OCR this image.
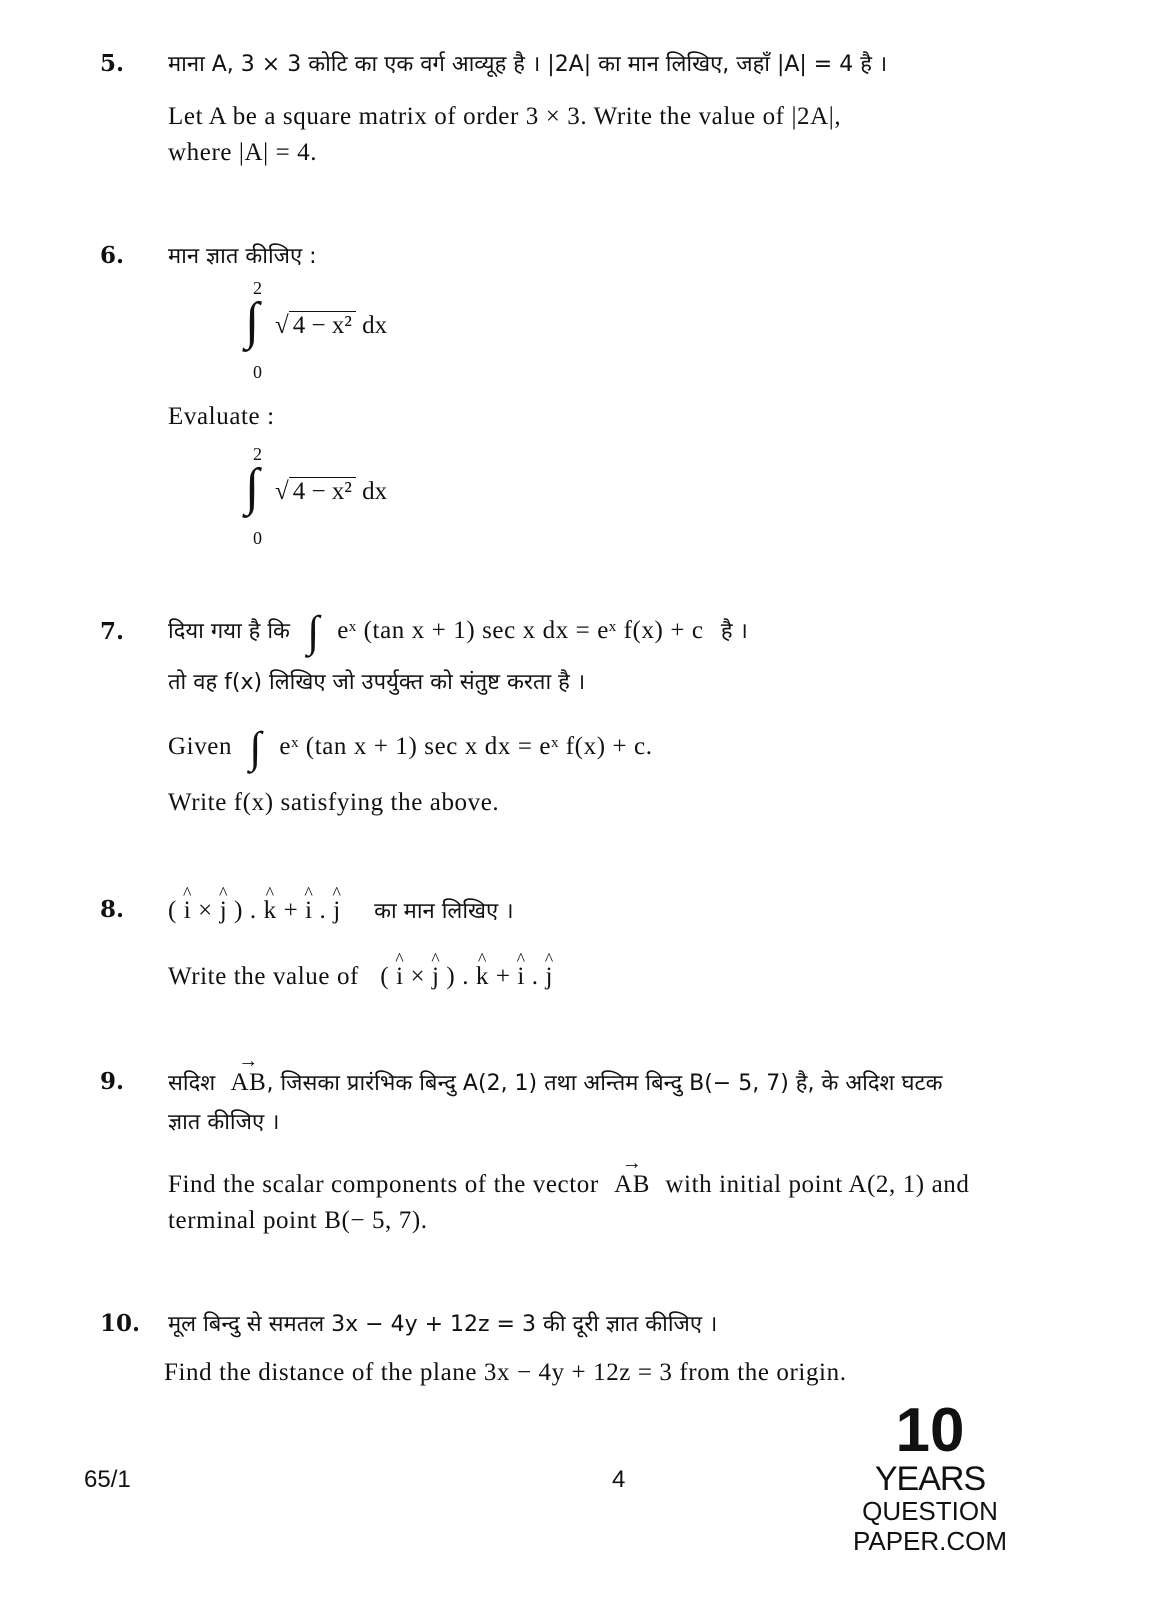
5.	माना A, 3 × 3 कोटि का एक वर्ग आव्यूह है । |2A| का मान लिखिए, जहाँ |A| = 4 है ।
Let A be a square matrix of order 3 × 3. Write the value of |2A|,
where |A| = 4.
6.	मान ज्ञात कीजिए :
2
∫
0
√ 4 − x² dx
Evaluate :
2
∫
0
√ 4 − x² dx
7.	दिया गया है कि ∫ eˣ (tan x + 1) sec x dx = eˣ f(x) + c है ।
तो वह f(x) लिखिए जो उपर्युक्त को संतुष्ट करता है ।
Given ∫ eˣ (tan x + 1) sec x dx = eˣ f(x) + c.
Write f(x) satisfying the above.
8.	( ^ i × ^ j ) . ^ k + ^ i . ^ j का मान लिखिए ।
Write the value of ( ^ i × ^ j ) . ^ k + ^ i . ^ j
9.	सदिश → AB, जिसका प्रारंभिक बिन्दु A(2, 1) तथा अन्तिम बिन्दु B(− 5, 7) है, के अदिश घटक
ज्ञात कीजिए ।
Find the scalar components of the vector → AB with initial point A(2, 1) and
terminal point B(− 5, 7).
10.	मूल बिन्दु से समतल 3x − 4y + 12z = 3 की दूरी ज्ञात कीजिए ।
Find the distance of the plane 3x − 4y + 12z = 3 from the origin.
65/1	4
10
YEARS
QUESTION PAPER.COM
